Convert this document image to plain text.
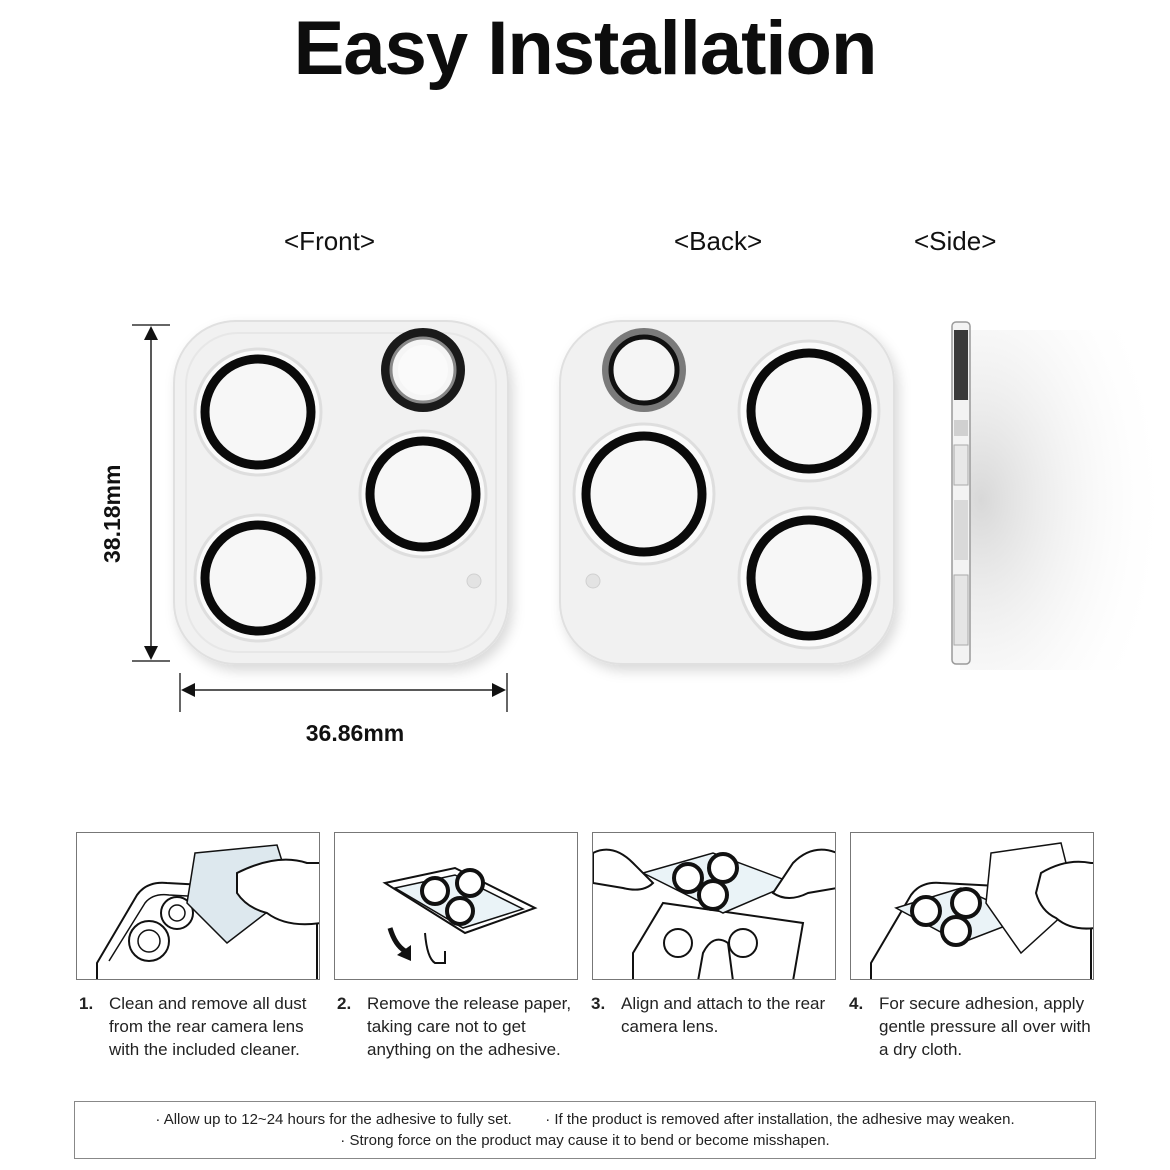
Easy Installation
<Front>	<Back>	<Side>
38.18mm
36.86mm
1. Clean and remove all dust from the rear camera lens with the included cleaner.
2. Remove the release paper, taking care not to get anything on the adhesive.
3. Align and attach to the rear camera lens.
4. For secure adhesion, apply gentle pressure all over with a dry cloth.
· Allow up to 12~24 hours for the adhesive to fully set. · If the product is removed after installation, the adhesive may weaken.
· Strong force on the product may cause it to bend or become misshapen.
